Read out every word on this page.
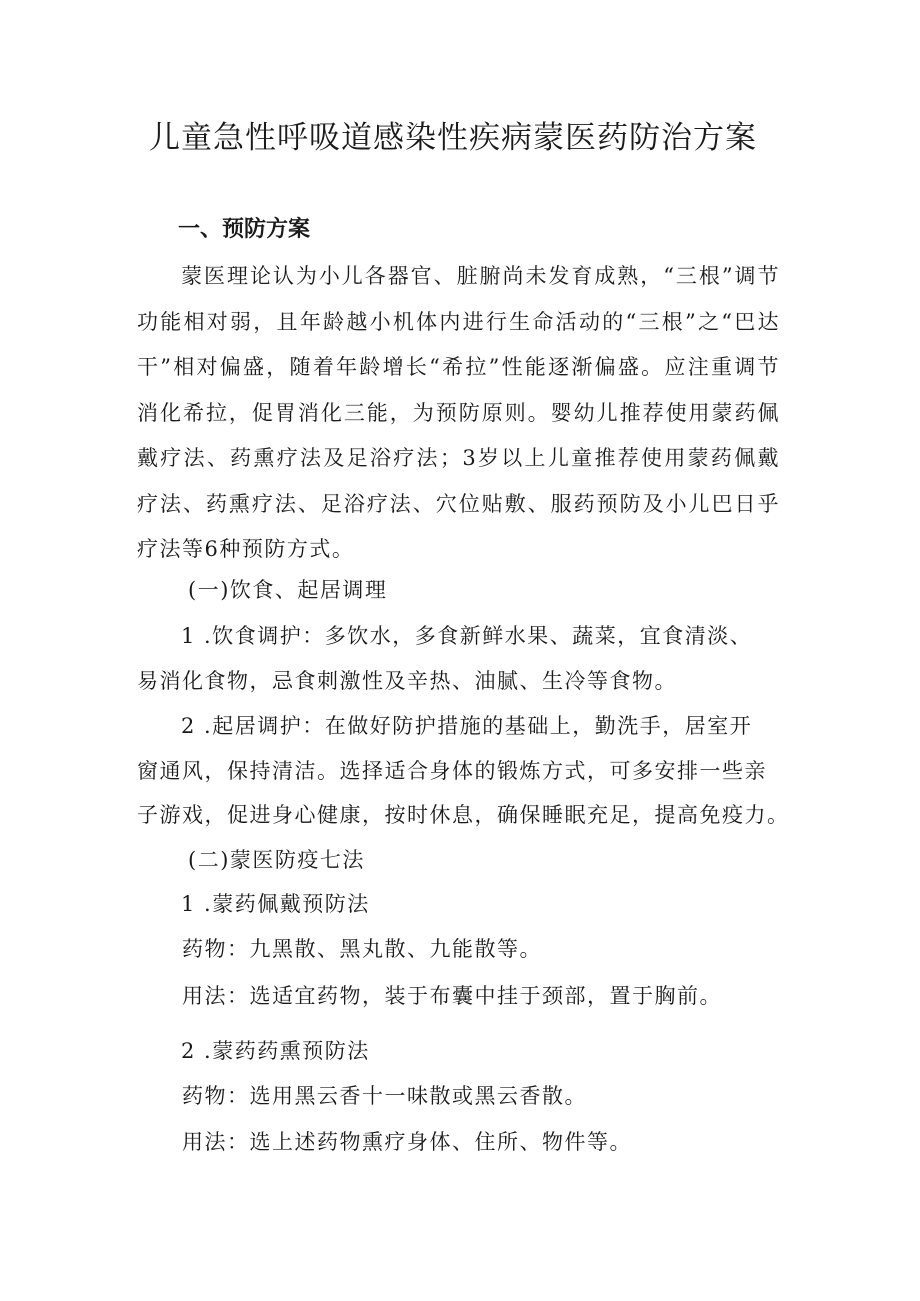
儿童急性呼吸道感染性疾病蒙医药防治方案
一、预防方案
蒙医理论认为小儿各器官、脏腑尚未发育成熟，“三根”调节功能相对弱，且年龄越小机体内进行生命活动的“三根”之“巴达干”相对偏盛，随着年龄增长“希拉”性能逐渐偏盛。应注重调节消化希拉，促胃消化三能，为预防原则。婴幼儿推荐使用蒙药佩戴疗法、药熏疗法及足浴疗法；3岁以上儿童推荐使用蒙药佩戴疗法、药熏疗法、足浴疗法、穴位贴敷、服药预防及小儿巴日乎疗法等6种预防方式。
(一)饮食、起居调理
1 .饮食调护：多饮水，多食新鲜水果、蔬菜，宜食清淡、
易消化食物，忌食刺激性及辛热、油腻、生冷等食物。
2 .起居调护：在做好防护措施的基础上，勤洗手，居室开
窗通风，保持清洁。选择适合身体的锻炼方式，可多安排一些亲
子游戏，促进身心健康，按时休息，确保睡眠充足，提高免疫力。
(二)蒙医防疫七法
1 .蒙药佩戴预防法
药物：九黑散、黑丸散、九能散等。
用法：选适宜药物，装于布囊中挂于颈部，置于胸前。
2 .蒙药药熏预防法
药物：选用黑云香十一味散或黑云香散。
用法：选上述药物熏疗身体、住所、物件等。
